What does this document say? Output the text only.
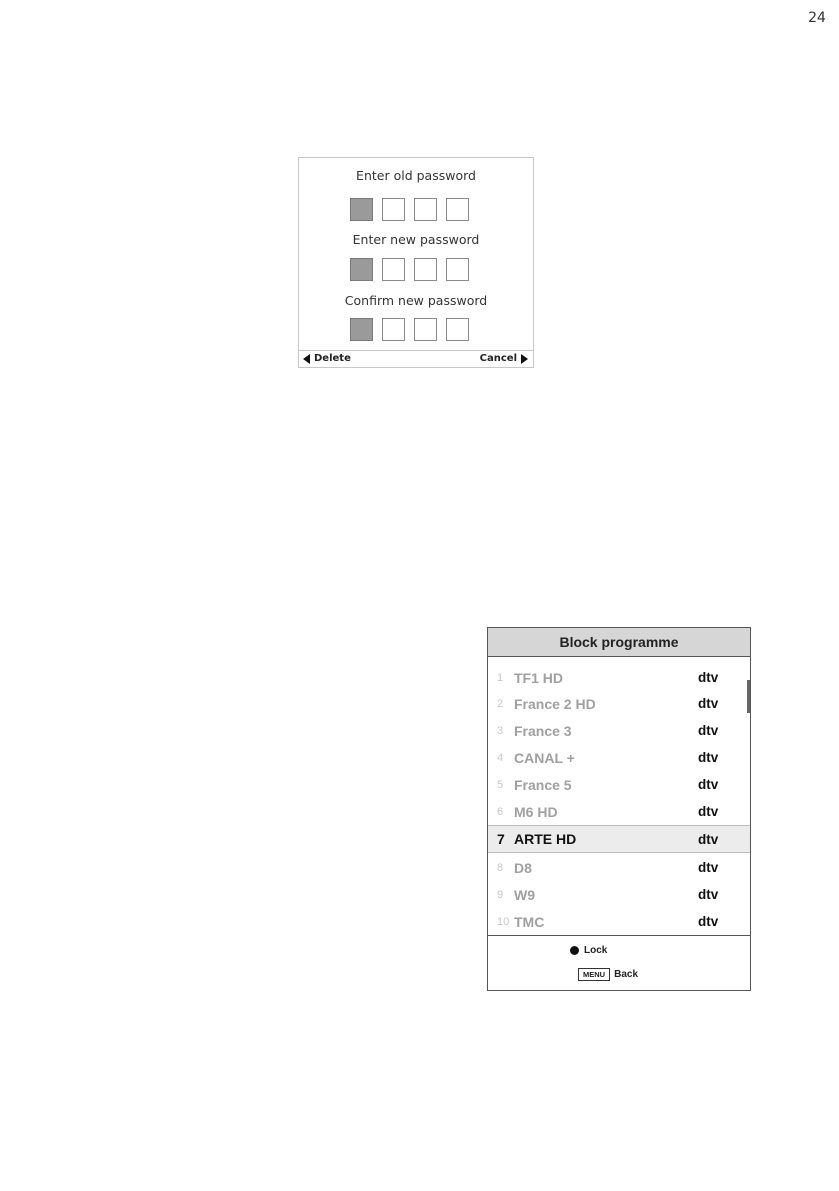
24
Enter old password
Enter new password
Confirm new password
Delete	Cancel
Block programme
1 TF1 HD	dtv
2 France 2 HD	dtv
3 France 3	dtv
4 CANAL +	dtv
5 France 5	dtv
6 M6 HD	dtv
7 ARTE HD	dtv
8 D8	dtv
9 W9	dtv
10 TMC	dtv
Lock
MENU Back
